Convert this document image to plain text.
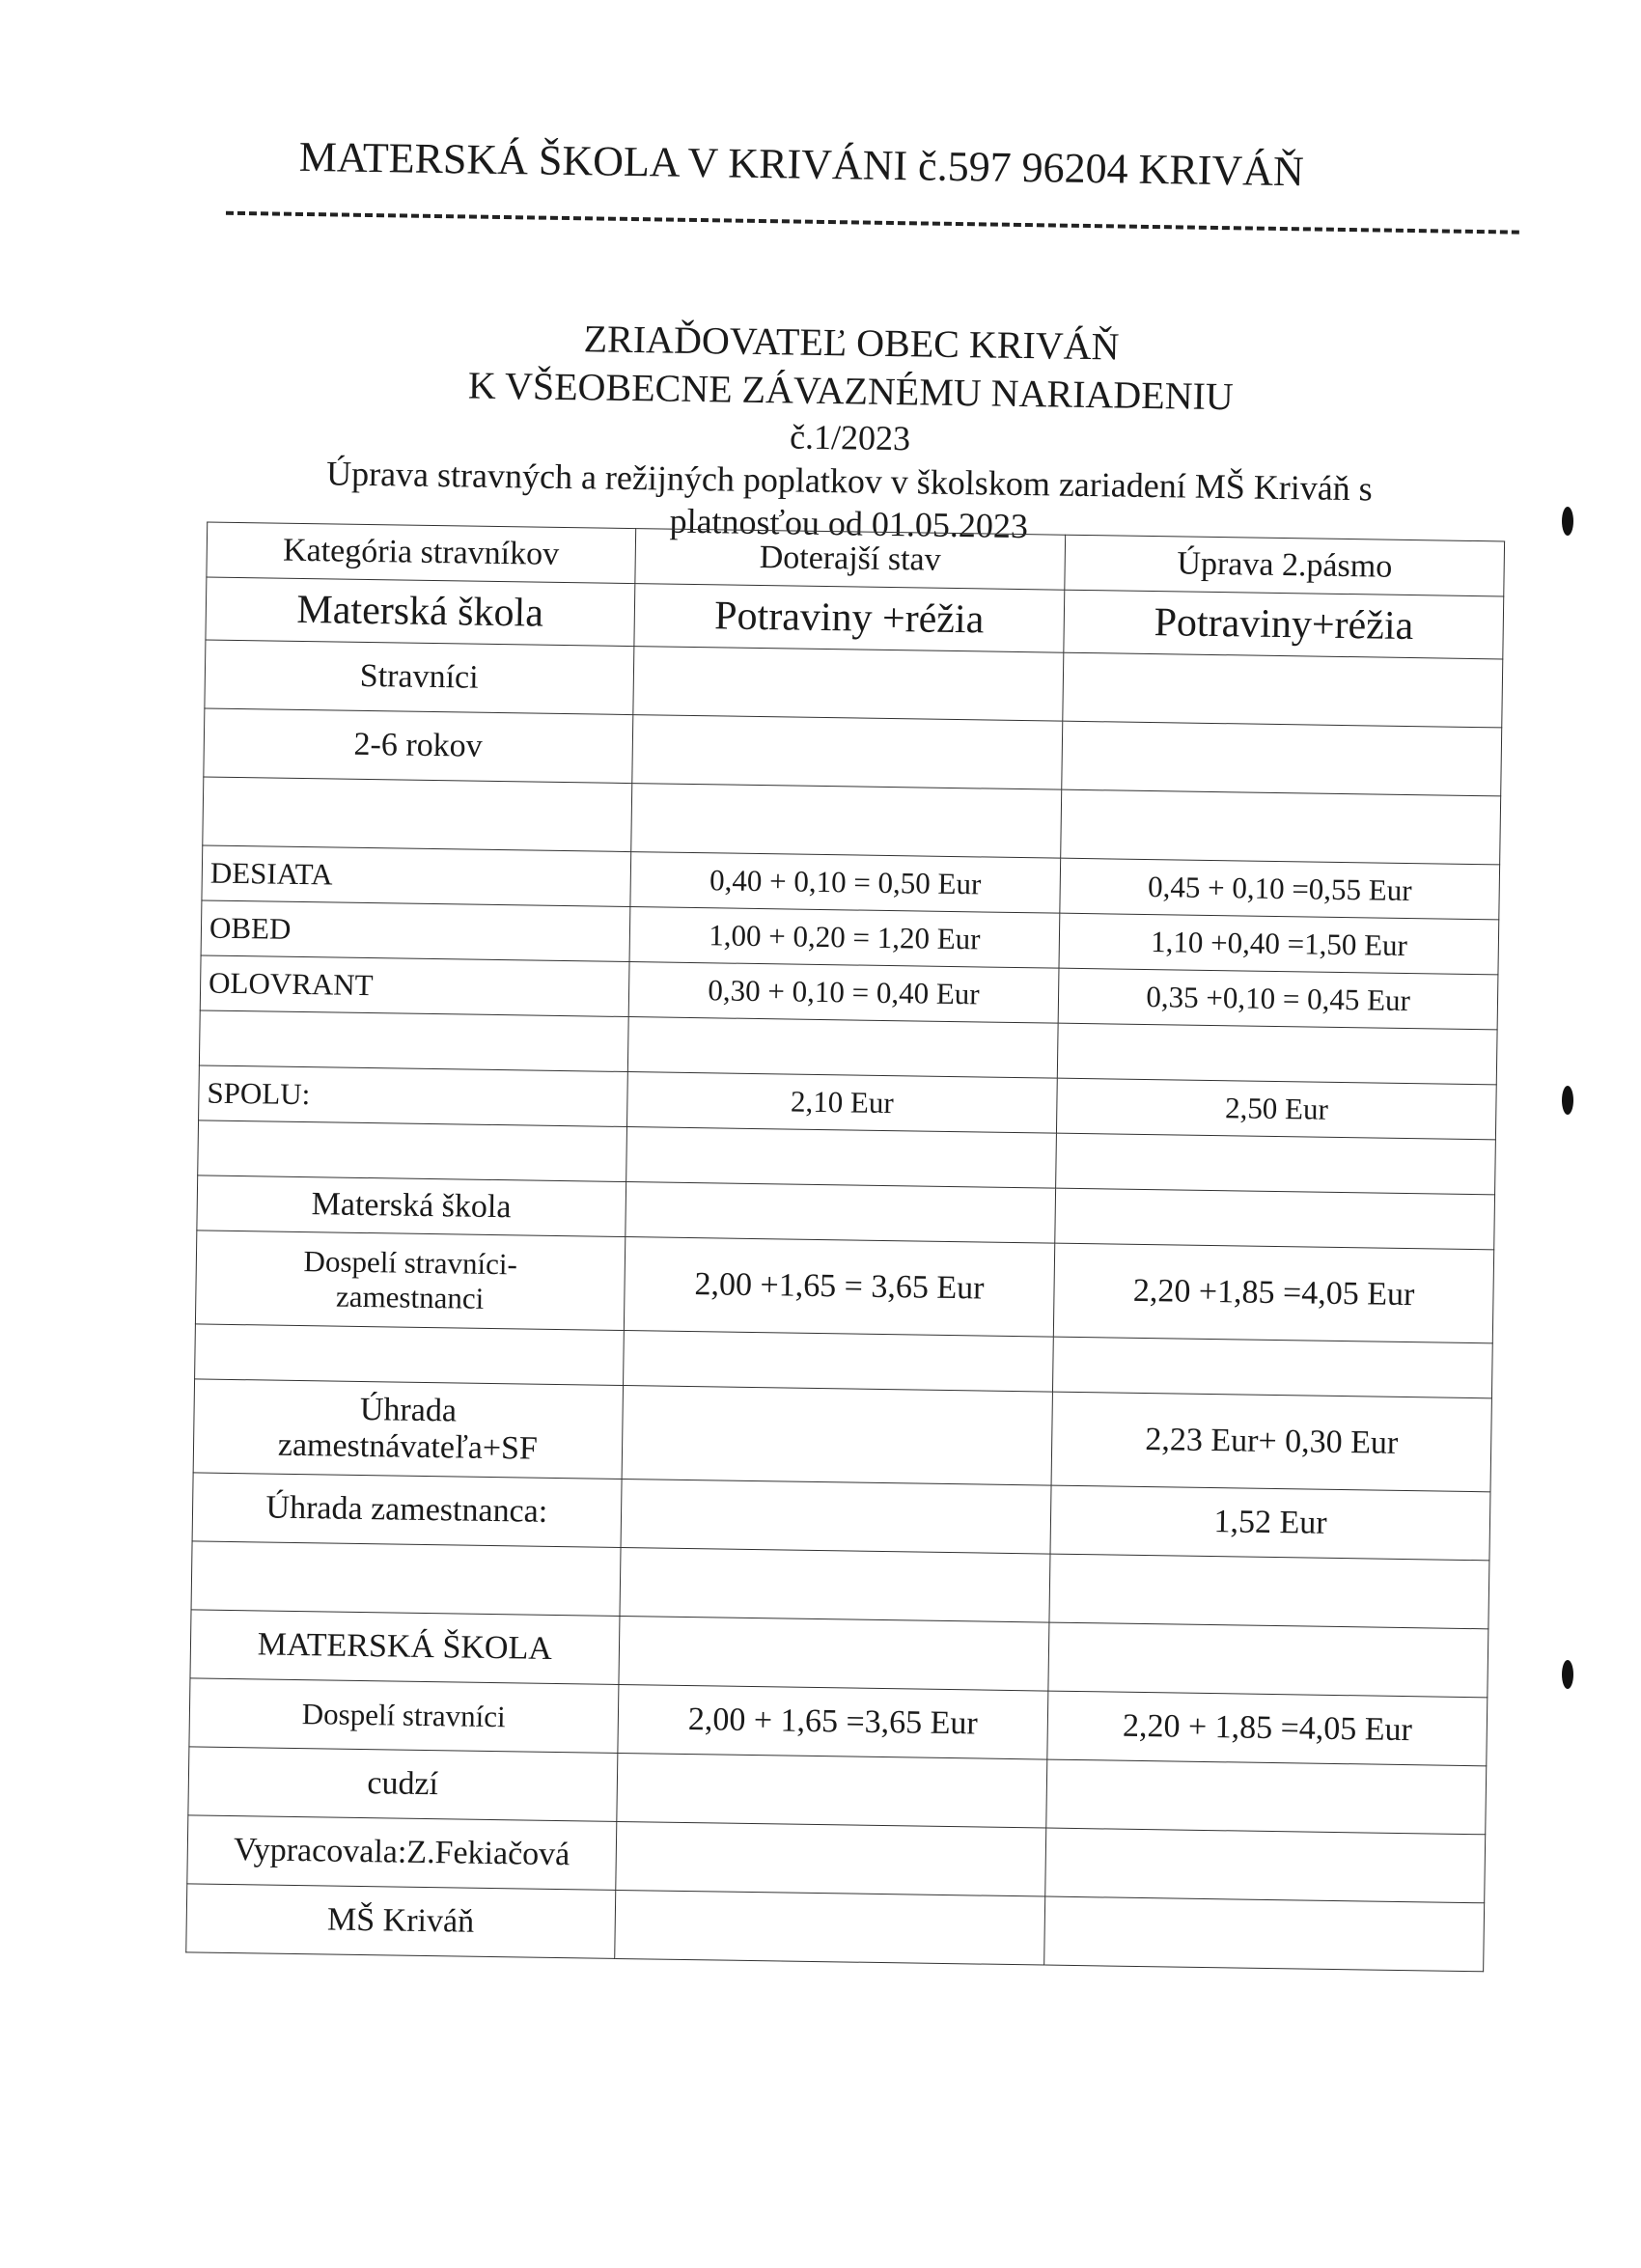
MATERSKÁ ŠKOLA V KRIVÁNI č.597 96204 KRIVÁŇ
ZRIAĎOVATEĽ OBEC KRIVÁŇ
K VŠEOBECNE ZÁVAZNÉMU NARIADENIU
č.1/2023
Úprava stravných a režijných poplatkov v školskom zariadení MŠ Kriváň s
platnosťou od 01.05.2023
Kategória stravníkov	Doterajší stav	Úprava 2.pásmo
Materská škola	Potraviny +réžia	Potraviny+réžia
Stravníci		
2-6 rokov		

DESIATA	0,40 + 0,10 = 0,50 Eur	0,45 + 0,10 =0,55 Eur
OBED	1,00 + 0,20 = 1,20 Eur	1,10 +0,40 =1,50 Eur
OLOVRANT	0,30 + 0,10 = 0,40 Eur	0,35 +0,10 = 0,45 Eur

SPOLU:	2,10 Eur	2,50 Eur

Materská škola		

Dospelí stravníci-
zamestnanci	2,00 +1,65 = 3,65 Eur	2,20 +1,85 =4,05 Eur

Úhrada
zamestnávateľa+SF		2,23 Eur+ 0,30 Eur
Úhrada zamestnanca:		1,52 Eur

MATERSKÁ ŠKOLA		
Dospelí stravníci	2,00 + 1,65 =3,65 Eur	2,20 + 1,85 =4,05 Eur
cudzí		
Vypracovala:Z.Fekiačová		
MŠ Kriváň		
